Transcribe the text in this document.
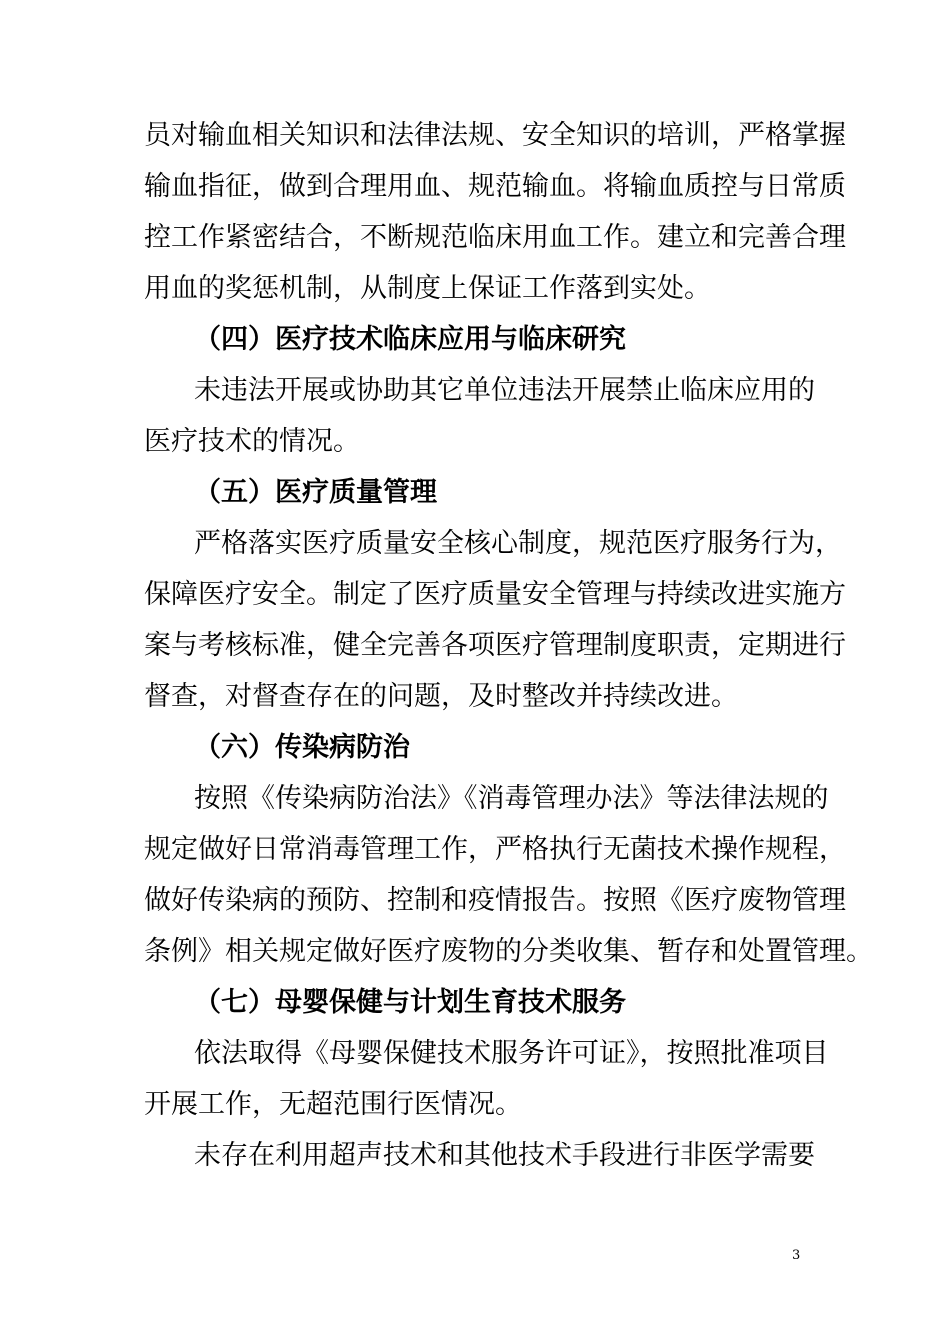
员对输血相关知识和法律法规、安全知识的培训，严格掌握
输血指征，做到合理用血、规范输血。将输血质控与日常质
控工作紧密结合，不断规范临床用血工作。建立和完善合理
用血的奖惩机制，从制度上保证工作落到实处。
（四）医疗技术临床应用与临床研究
未违法开展或协助其它单位违法开展禁止临床应用的
医疗技术的情况。
（五）医疗质量管理
严格落实医疗质量安全核心制度，规范医疗服务行为，
保障医疗安全。制定了医疗质量安全管理与持续改进实施方
案与考核标准，健全完善各项医疗管理制度职责，定期进行
督查，对督查存在的问题，及时整改并持续改进。
（六）传染病防治
按照《传染病防治法》《消毒管理办法》等法律法规的
规定做好日常消毒管理工作，严格执行无菌技术操作规程，
做好传染病的预防、控制和疫情报告。按照《医疗废物管理
条例》相关规定做好医疗废物的分类收集、暂存和处置管理。
（七）母婴保健与计划生育技术服务
依法取得《母婴保健技术服务许可证》，按照批准项目
开展工作，无超范围行医情况。
未存在利用超声技术和其他技术手段进行非医学需要
3
